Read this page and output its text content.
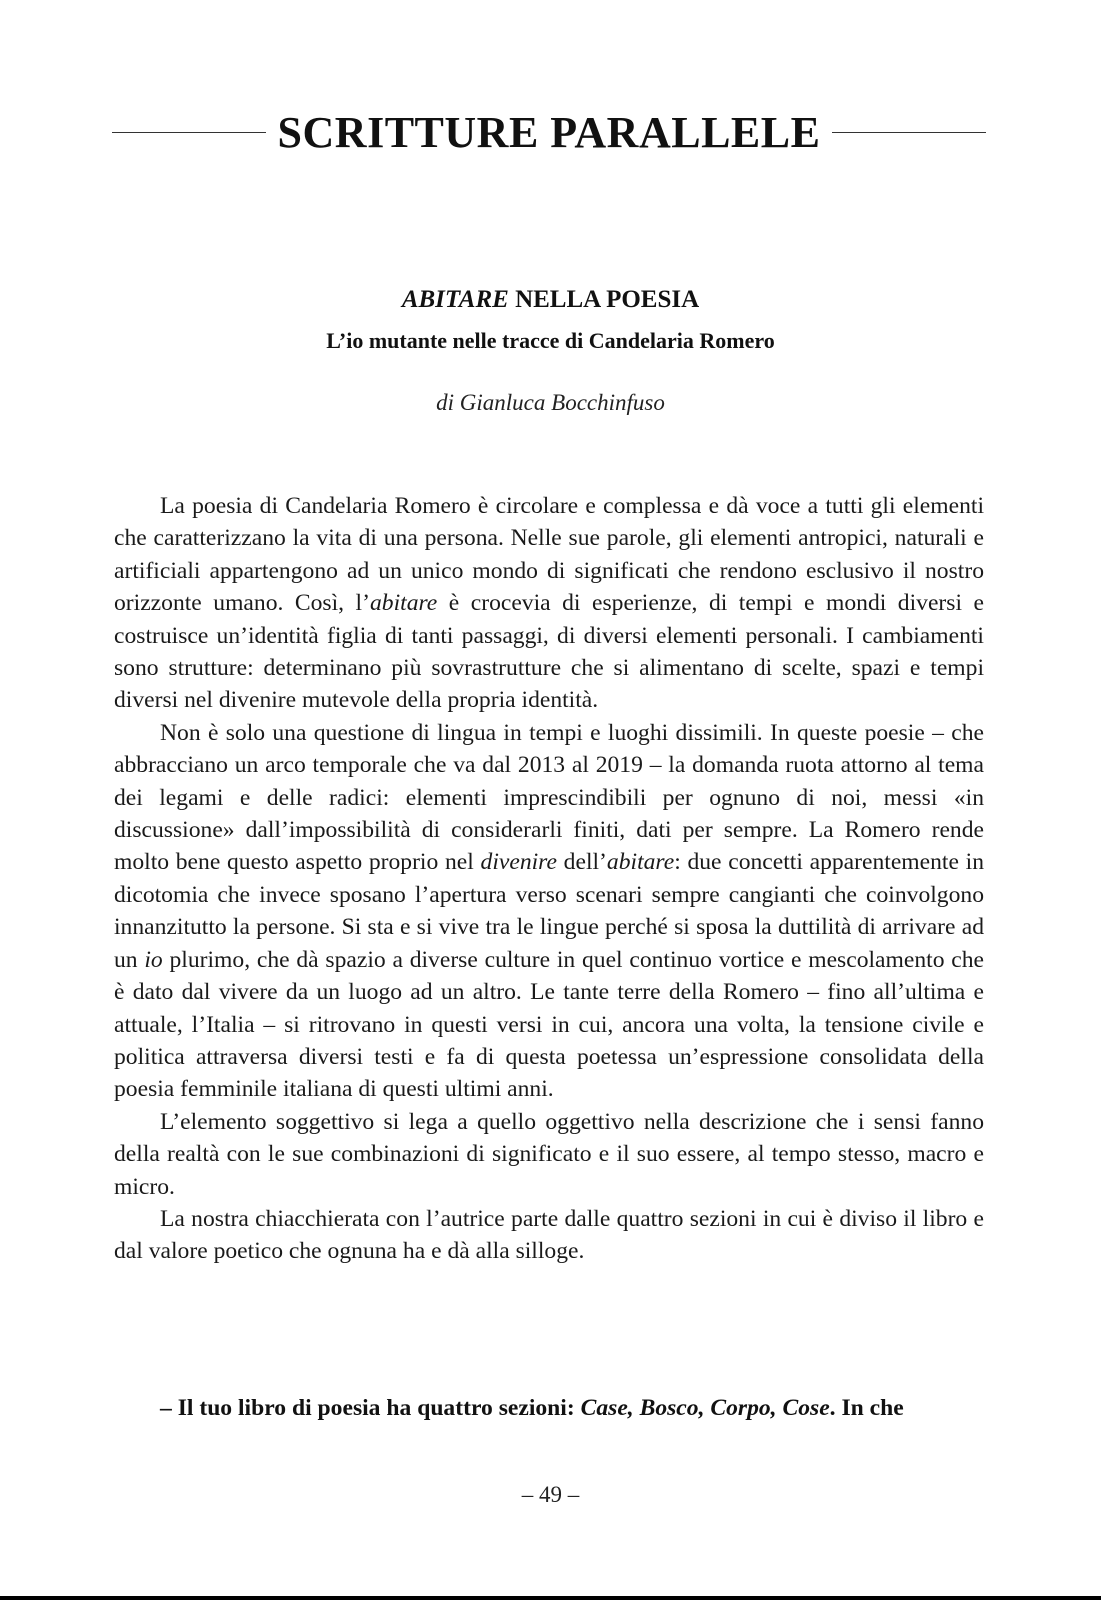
SCRITTURE PARALLELE
ABITARE NELLA POESIA
L’io mutante nelle tracce di Candelaria Romero
di Gianluca Bocchinfuso

La poesia di Candelaria Romero è circolare e complessa e dà voce a tutti gli elementi che caratterizzano la vita di una persona. Nelle sue parole, gli elementi antropici, naturali e artificiali appartengono ad un unico mondo di significati che rendono esclusivo il nostro orizzonte umano. Così, l’abitare è crocevia di esperienze, di tempi e mondi diversi e costruisce un’identità figlia di tanti passaggi, di diversi elementi personali. I cambiamenti sono strutture: determinano più sovrastrutture che si alimentano di scelte, spazi e tempi diversi nel divenire mutevole della propria identità.

Non è solo una questione di lingua in tempi e luoghi dissimili. In queste poesie – che abbracciano un arco temporale che va dal 2013 al 2019 – la domanda ruota attorno al tema dei legami e delle radici: elementi imprescindibili per ognuno di noi, messi «in discussione» dall’impossibilità di considerarli finiti, dati per sempre. La Romero rende molto bene questo aspetto proprio nel divenire dell’abitare: due concetti apparentemente in dicotomia che invece sposano l’apertura verso scenari sempre cangianti che coinvolgono innanzitutto la persone. Si sta e si vive tra le lingue perché si sposa la duttilità di arrivare ad un io plurimo, che dà spazio a diverse culture in quel continuo vortice e mescolamento che è dato dal vivere da un luogo ad un altro. Le tante terre della Romero – fino all’ultima e attuale, l’Italia – si ritrovano in questi versi in cui, ancora una volta, la tensione civile e politica attraversa diversi testi e fa di questa poetessa un’espressione consolidata della poesia femminile italiana di questi ultimi anni.

L’elemento soggettivo si lega a quello oggettivo nella descrizione che i sensi fanno della realtà con le sue combinazioni di significato e il suo essere, al tempo stesso, macro e micro.

La nostra chiacchierata con l’autrice parte dalle quattro sezioni in cui è diviso il libro e dal valore poetico che ognuna ha e dà alla silloge.

– Il tuo libro di poesia ha quattro sezioni: Case, Bosco, Corpo, Cose. In che
– 49 –
